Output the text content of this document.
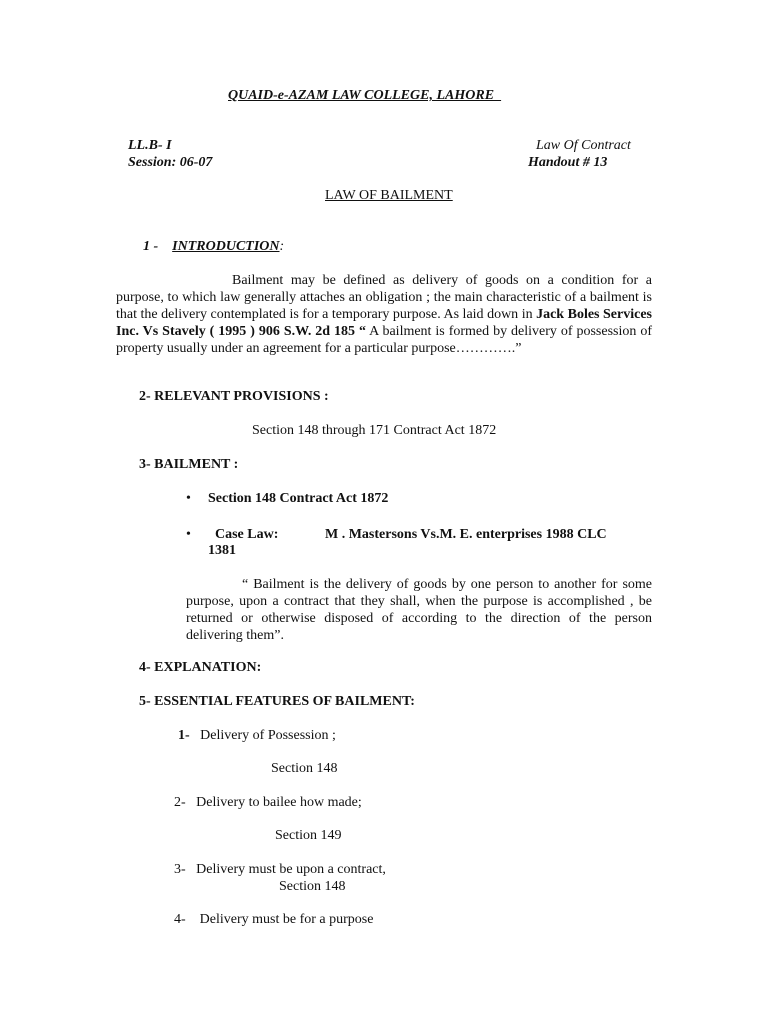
QUAID-e-AZAM LAW COLLEGE, LAHORE
LL.B- I
Session: 06-07
Law Of Contract
Handout # 13
LAW OF BAILMENT
1 - INTRODUCTION:
Bailment may be defined as delivery of goods on a condition for a purpose, to which law generally attaches an obligation ; the main characteristic of a bailment is that the delivery contemplated is for a temporary purpose. As laid down in Jack Boles Services Inc. Vs Stavely ( 1995 ) 906 S.W. 2d 185 “ A bailment is formed by delivery of possession of property usually under an agreement for a particular purpose………….”
2- RELEVANT PROVISIONS :
Section 148 through 171 Contract Act 1872
3- BAILMENT :
• Section 148 Contract Act 1872
• Case Law:	M . Mastersons Vs.M. E. enterprises 1988 CLC
1381
“ Bailment is the delivery of goods by one person to another for some purpose, upon a contract that they shall, when the purpose is accomplished , be returned or otherwise disposed of according to the direction of the person delivering them”.
4- EXPLANATION:
5- ESSENTIAL FEATURES OF BAILMENT:
1- Delivery of Possession ;
Section 148
2- Delivery to bailee how made;
Section 149
3- Delivery must be upon a contract,
Section 148
4- Delivery must be for a purpose
